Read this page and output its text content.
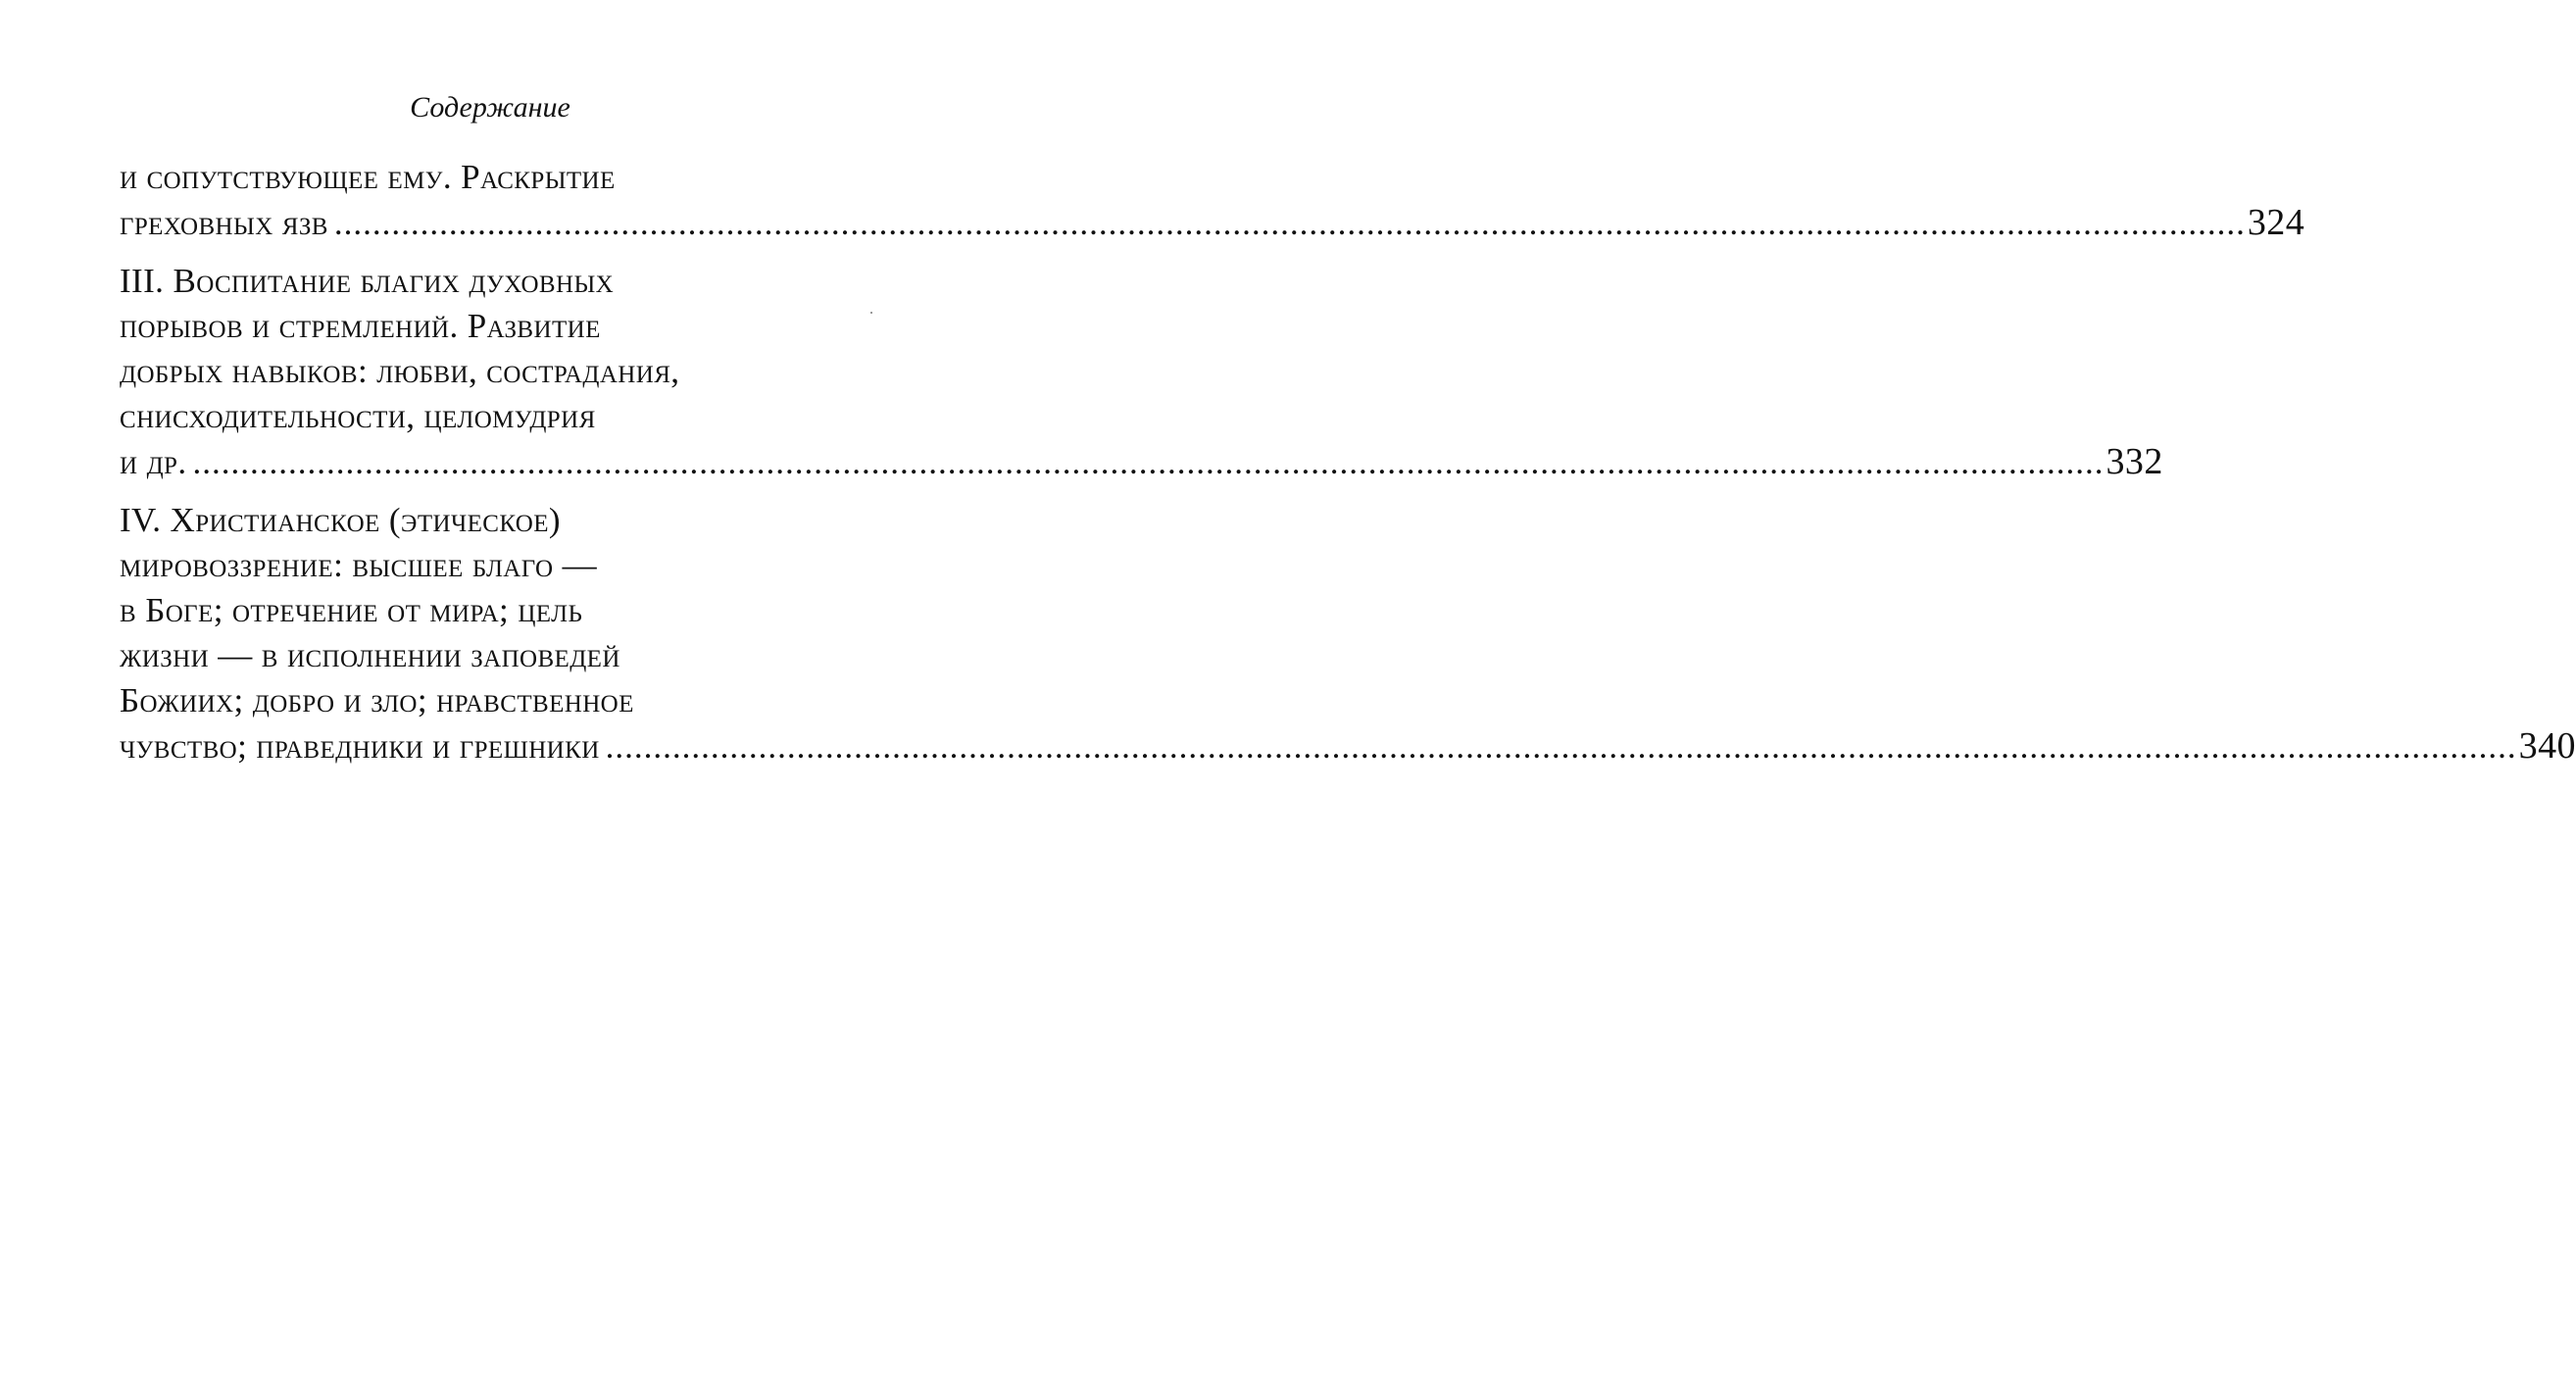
Содержание
и сопутствующее ему. Раскрытие
греховных язв ........................................................................................................................................................................................................ 324
III. Воспитание благих духовных
порывов и стремлений. Развитие
добрых навыков: любви, сострадания,
снисходительности, целомудрия
и др. ........................................................................................................................................................................................................ 332
IV. Христианское (этическое)
мировоззрение: высшее благо —
в Боге; отречение от мира; цель
жизни — в исполнении заповедей
Божиих; добро и зло; нравственное
чувство; праведники и грешники ........................................................................................................................................................................................................ 340
